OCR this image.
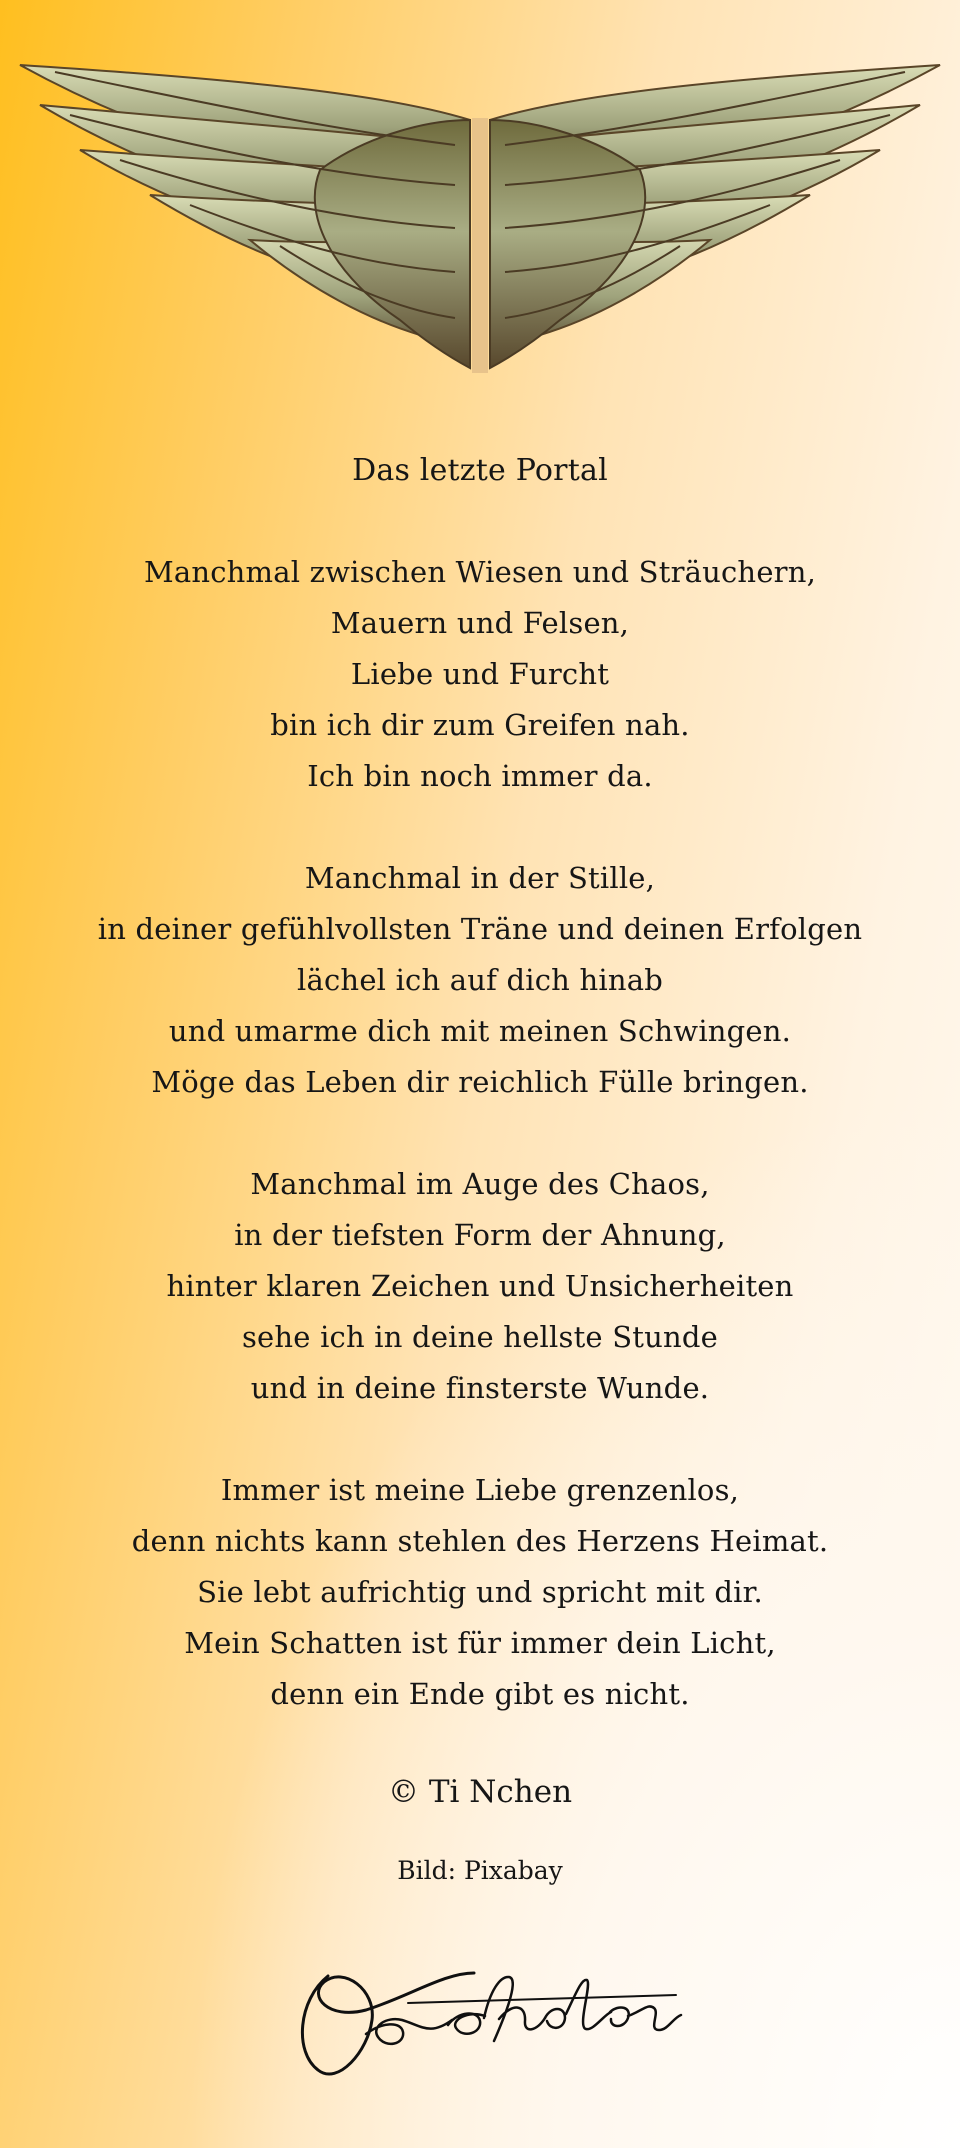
Das letzte Portal
Manchmal zwischen Wiesen und Sträuchern,
Mauern und Felsen,
Liebe und Furcht
bin ich dir zum Greifen nah.
Ich bin noch immer da.
Manchmal in der Stille,
in deiner gefühlvollsten Träne und deinen Erfolgen
lächel ich auf dich hinab
und umarme dich mit meinen Schwingen.
Möge das Leben dir reichlich Fülle bringen.
Manchmal im Auge des Chaos,
in der tiefsten Form der Ahnung,
hinter klaren Zeichen und Unsicherheiten
sehe ich in deine hellste Stunde
und in deine finsterste Wunde.
Immer ist meine Liebe grenzenlos,
denn nichts kann stehlen des Herzens Heimat.
Sie lebt aufrichtig und spricht mit dir.
Mein Schatten ist für immer dein Licht,
denn ein Ende gibt es nicht.
© Ti Nchen
Bild: Pixabay
